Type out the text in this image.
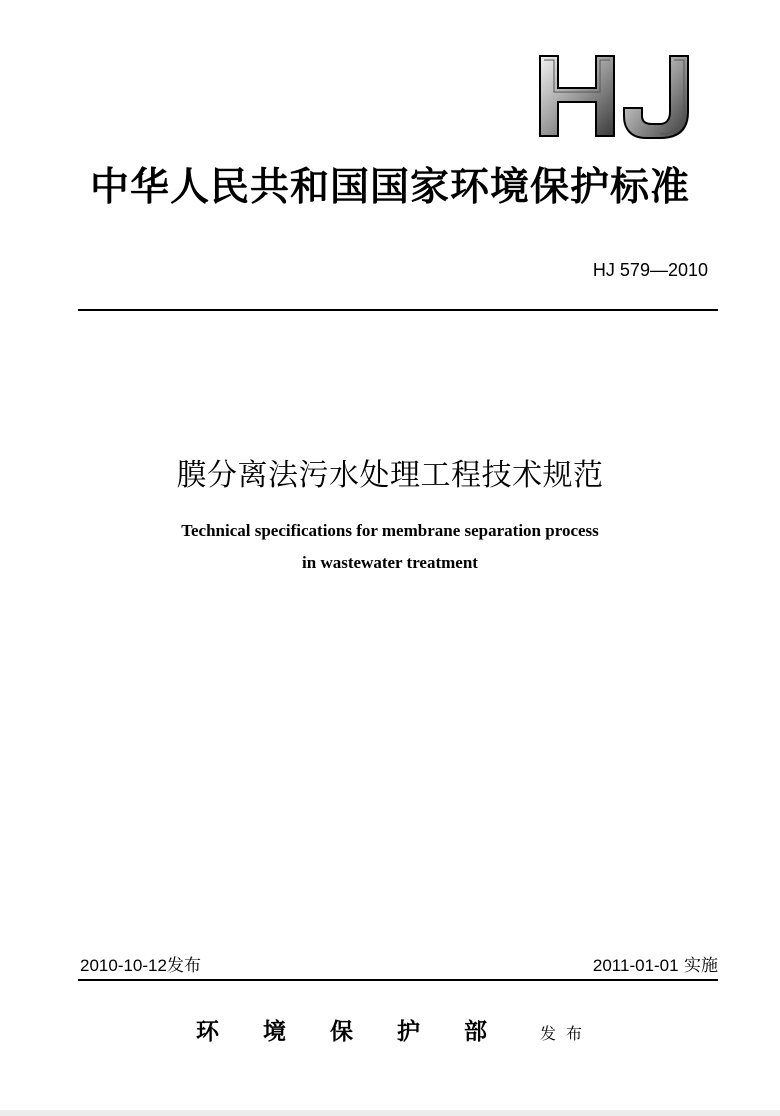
中华人民共和国国家环境保护标准
HJ 579—2010
膜分离法污水处理工程技术规范
Technical specifications for membrane separation process
in wastewater treatment
2010-10-12发布	2011-01-01 实施
环境保护部 发布
